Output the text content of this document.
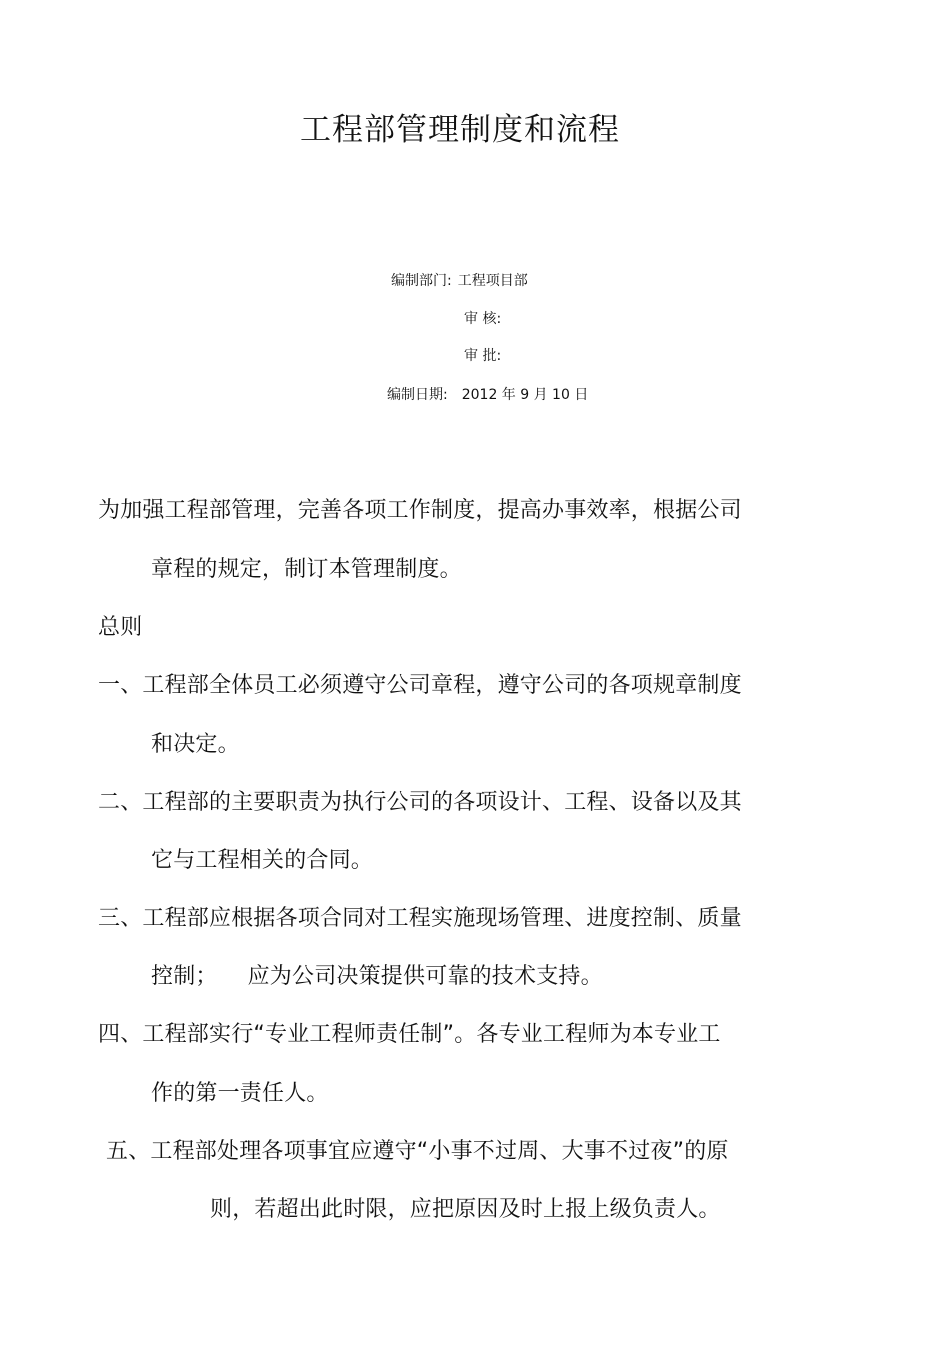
工程部管理制度和流程
编制部门: 工程项目部
审 核:
审 批:
编制日期: 2012 年 9 月 10 日
为加强工程部管理，完善各项工作制度，提高办事效率，根据公司
章程的规定，制订本管理制度。
总则
一、工程部全体员工必须遵守公司章程，遵守公司的各项规章制度
和决定。
二、工程部的主要职责为执行公司的各项设计、工程、设备以及其
它与工程相关的合同。
三、工程部应根据各项合同对工程实施现场管理、进度控制、质量
控制； 应为公司决策提供可靠的技术支持。
四、工程部实行“专业工程师责任制”。各专业工程师为本专业工
作的第一责任人。
五、工程部处理各项事宜应遵守“小事不过周、大事不过夜”的原
则，若超出此时限，应把原因及时上报上级负责人。
